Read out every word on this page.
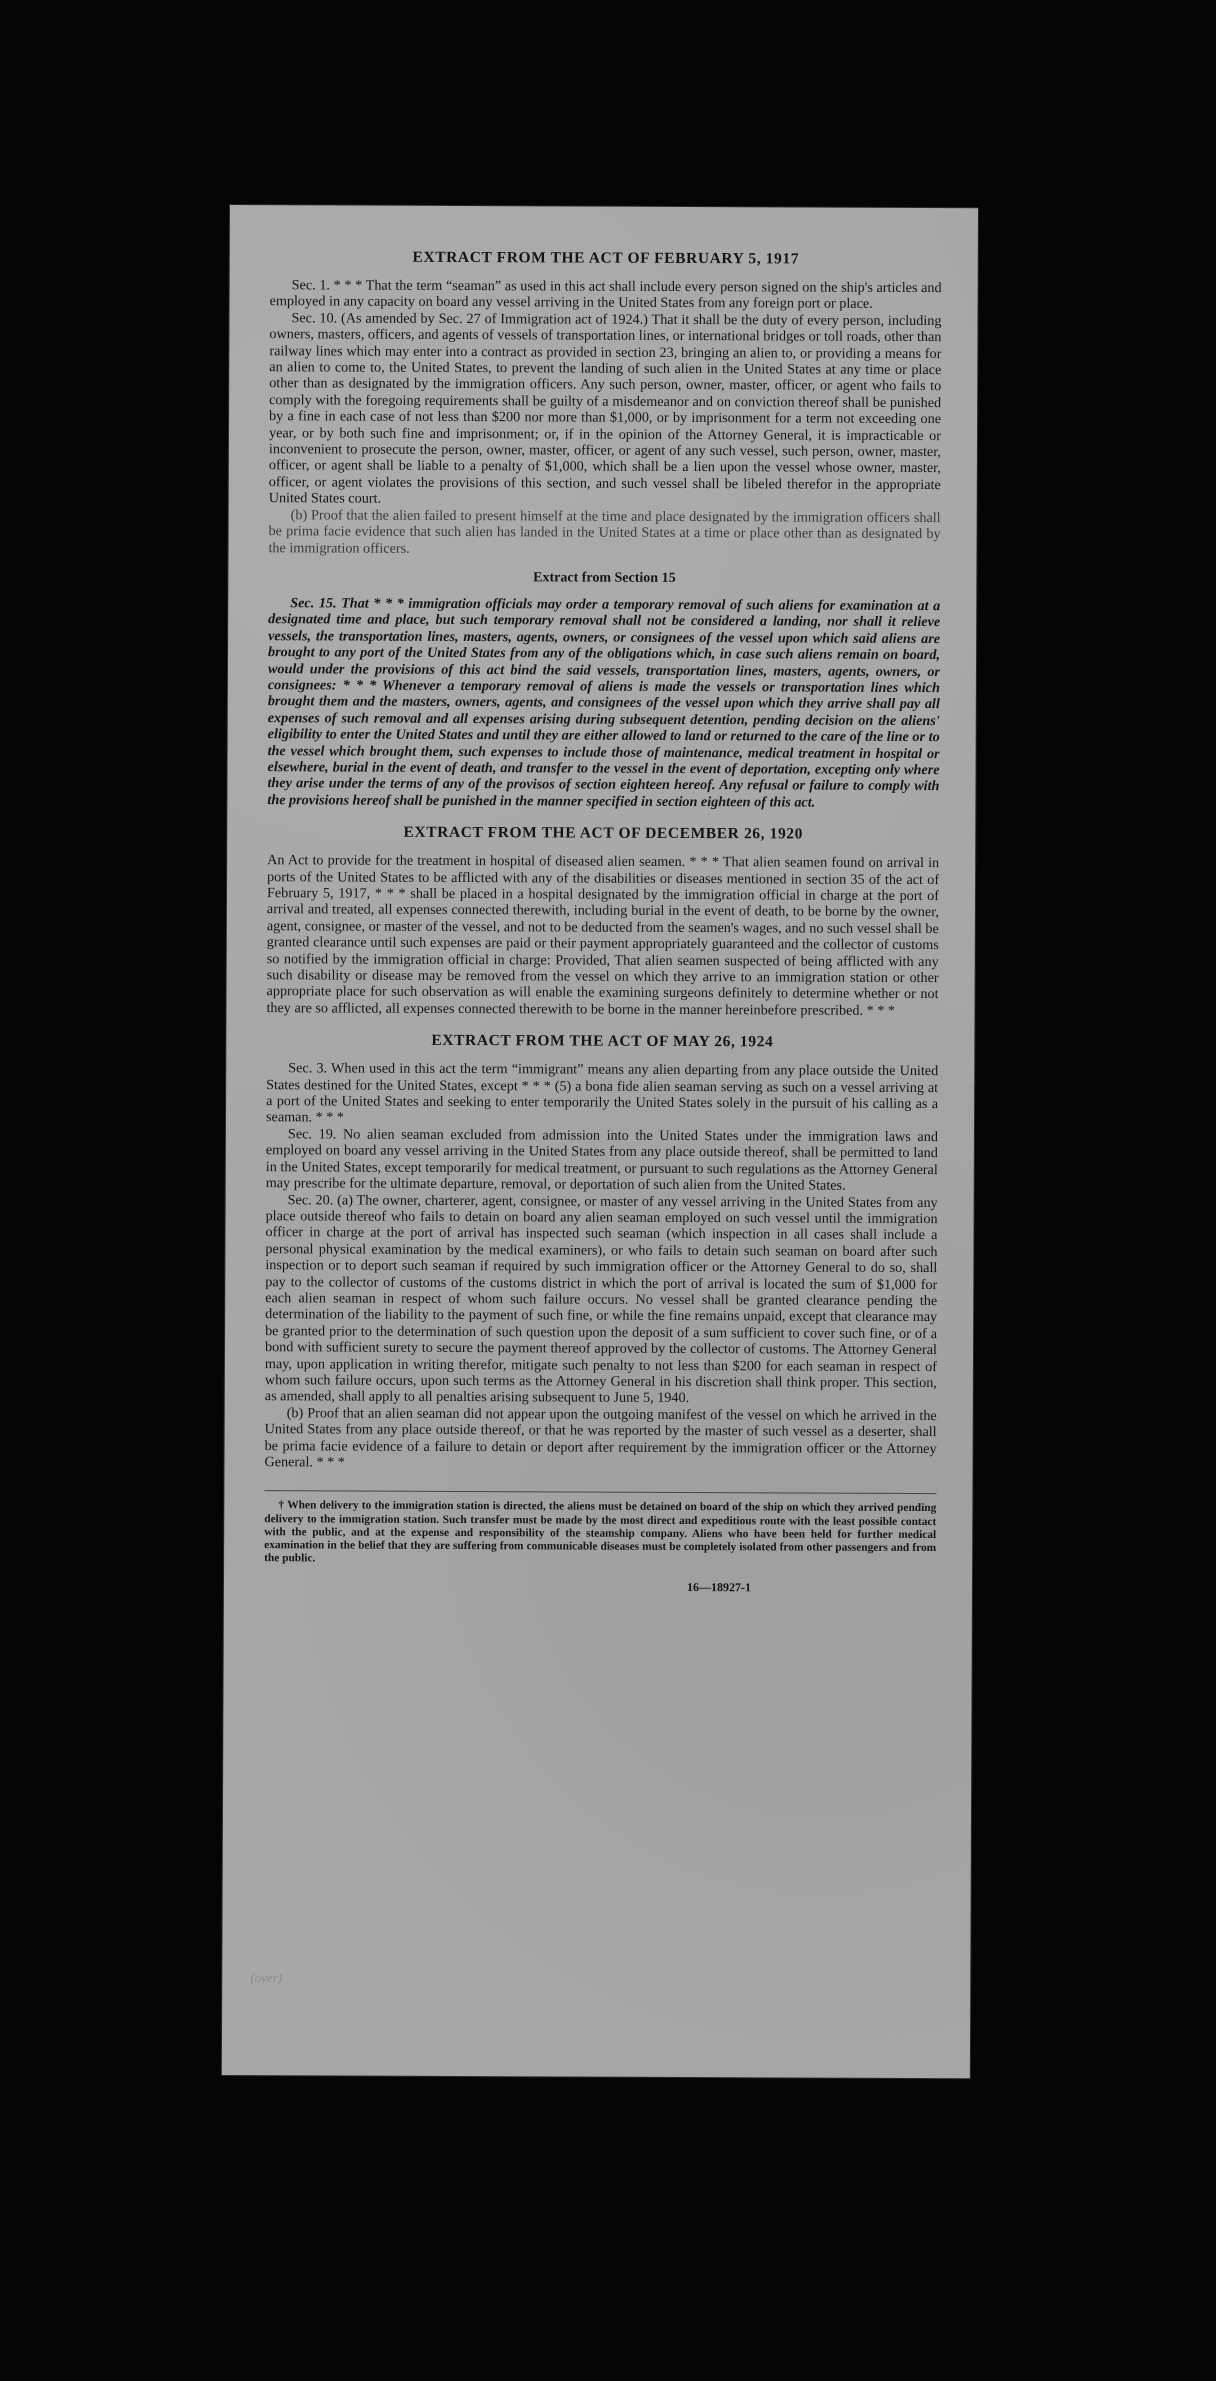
EXTRACT FROM THE ACT OF FEBRUARY 5, 1917

Sec. 1. * * * That the term “seaman” as used in this act shall include every person signed on the ship's articles and employed in any capacity on board any vessel arriving in the United States from any foreign port or place.

Sec. 10. (As amended by Sec. 27 of Immigration act of 1924.) That it shall be the duty of every person, including owners, masters, officers, and agents of vessels of transportation lines, or international bridges or toll roads, other than railway lines which may enter into a contract as provided in section 23, bringing an alien to, or providing a means for an alien to come to, the United States, to prevent the landing of such alien in the United States at any time or place other than as designated by the immigration officers. Any such person, owner, master, officer, or agent who fails to comply with the foregoing requirements shall be guilty of a misdemeanor and on conviction thereof shall be punished by a fine in each case of not less than $200 nor more than $1,000, or by imprisonment for a term not exceeding one year, or by both such fine and imprisonment; or, if in the opinion of the Attorney General, it is impracticable or inconvenient to prosecute the person, owner, master, officer, or agent of any such vessel, such person, owner, master, officer, or agent shall be liable to a penalty of $1,000, which shall be a lien upon the vessel whose owner, master, officer, or agent violates the provisions of this section, and such vessel shall be libeled therefor in the appropriate United States court.

(b) Proof that the alien failed to present himself at the time and place designated by the immigration officers shall be prima facie evidence that such alien has landed in the United States at a time or place other than as designated by the immigration officers.

Extract from Section 15

Sec. 15. That * * * immigration officials may order a temporary removal of such aliens for examination at a designated time and place, but such temporary removal shall not be considered a landing, nor shall it relieve vessels, the transportation lines, masters, agents, owners, or consignees of the vessel upon which said aliens are brought to any port of the United States from any of the obligations which, in case such aliens remain on board, would under the provisions of this act bind the said vessels, transportation lines, masters, agents, owners, or consignees: * * * Whenever a temporary removal of aliens is made the vessels or transportation lines which brought them and the masters, owners, agents, and consignees of the vessel upon which they arrive shall pay all expenses of such removal and all expenses arising during subsequent detention, pending decision on the aliens' eligibility to enter the United States and until they are either allowed to land or returned to the care of the line or to the vessel which brought them, such expenses to include those of maintenance, medical treatment in hospital or elsewhere, burial in the event of death, and transfer to the vessel in the event of deportation, excepting only where they arise under the terms of any of the provisos of section eighteen hereof. Any refusal or failure to comply with the provisions hereof shall be punished in the manner specified in section eighteen of this act.

EXTRACT FROM THE ACT OF DECEMBER 26, 1920

An Act to provide for the treatment in hospital of diseased alien seamen. * * * That alien seamen found on arrival in ports of the United States to be afflicted with any of the disabilities or diseases mentioned in section 35 of the act of February 5, 1917, * * * shall be placed in a hospital designated by the immigration official in charge at the port of arrival and treated, all expenses connected therewith, including burial in the event of death, to be borne by the owner, agent, consignee, or master of the vessel, and not to be deducted from the seamen's wages, and no such vessel shall be granted clearance until such expenses are paid or their payment appropriately guaranteed and the collector of customs so notified by the immigration official in charge: Provided, That alien seamen suspected of being afflicted with any such disability or disease may be removed from the vessel on which they arrive to an immigration station or other appropriate place for such observation as will enable the examining surgeons definitely to determine whether or not they are so afflicted, all expenses connected therewith to be borne in the manner hereinbefore prescribed. * * *

EXTRACT FROM THE ACT OF MAY 26, 1924

Sec. 3. When used in this act the term “immigrant” means any alien departing from any place outside the United States destined for the United States, except * * * (5) a bona fide alien seaman serving as such on a vessel arriving at a port of the United States and seeking to enter temporarily the United States solely in the pursuit of his calling as a seaman. * * *

Sec. 19. No alien seaman excluded from admission into the United States under the immigration laws and employed on board any vessel arriving in the United States from any place outside thereof, shall be permitted to land in the United States, except temporarily for medical treatment, or pursuant to such regulations as the Attorney General may prescribe for the ultimate departure, removal, or deportation of such alien from the United States.

Sec. 20. (a) The owner, charterer, agent, consignee, or master of any vessel arriving in the United States from any place outside thereof who fails to detain on board any alien seaman employed on such vessel until the immigration officer in charge at the port of arrival has inspected such seaman (which inspection in all cases shall include a personal physical examination by the medical examiners), or who fails to detain such seaman on board after such inspection or to deport such seaman if required by such immigration officer or the Attorney General to do so, shall pay to the collector of customs of the customs district in which the port of arrival is located the sum of $1,000 for each alien seaman in respect of whom such failure occurs. No vessel shall be granted clearance pending the determination of the liability to the payment of such fine, or while the fine remains unpaid, except that clearance may be granted prior to the determination of such question upon the deposit of a sum sufficient to cover such fine, or of a bond with sufficient surety to secure the payment thereof approved by the collector of customs. The Attorney General may, upon application in writing therefor, mitigate such penalty to not less than $200 for each seaman in respect of whom such failure occurs, upon such terms as the Attorney General in his discretion shall think proper. This section, as amended, shall apply to all penalties arising subsequent to June 5, 1940.

(b) Proof that an alien seaman did not appear upon the outgoing manifest of the vessel on which he arrived in the United States from any place outside thereof, or that he was reported by the master of such vessel as a deserter, shall be prima facie evidence of a failure to detain or deport after requirement by the immigration officer or the Attorney General. * * *

† When delivery to the immigration station is directed, the aliens must be detained on board of the ship on which they arrived pending delivery to the immigration station. Such transfer must be made by the most direct and expeditious route with the least possible contact with the public, and at the expense and responsibility of the steamship company. Aliens who have been held for further medical examination in the belief that they are suffering from communicable diseases must be completely isolated from other passengers and from the public.

16—18927-1
(over)
